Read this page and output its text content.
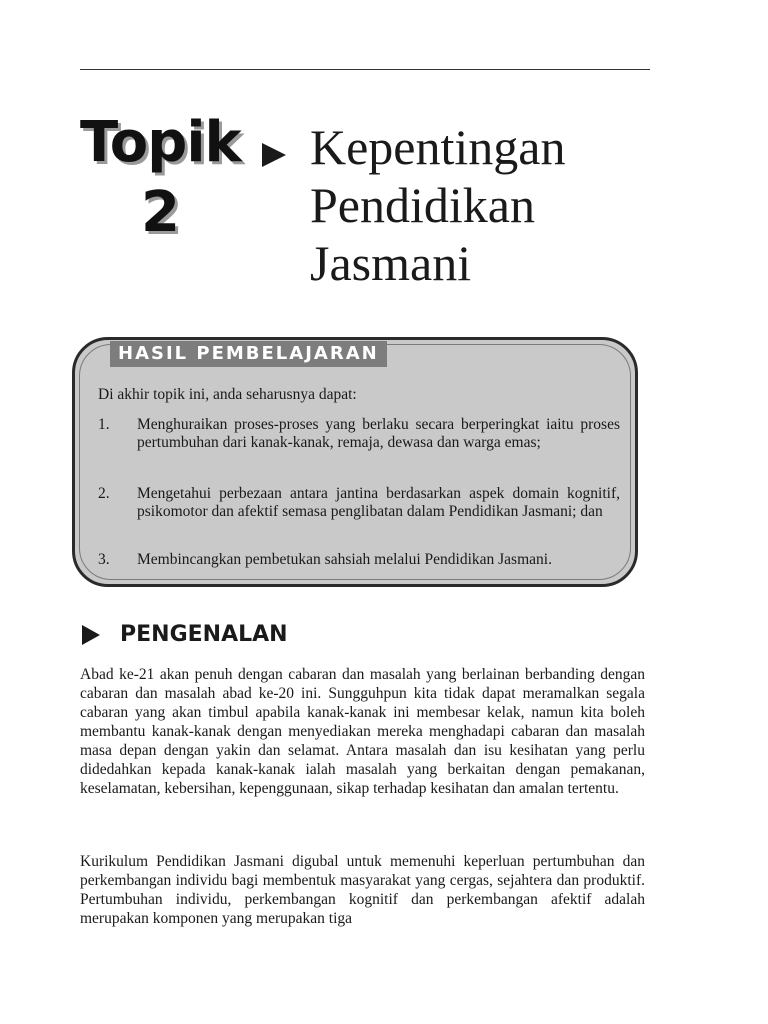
Topik
2
Kepentingan
Pendidikan
Jasmani
HASIL PEMBELAJARAN
Di akhir topik ini, anda seharusnya dapat:
1.	Menghuraikan proses-proses yang berlaku secara berperingkat iaitu proses pertumbuhan dari kanak-kanak, remaja, dewasa dan warga emas;
2.	Mengetahui perbezaan antara jantina berdasarkan aspek domain kognitif, psikomotor dan afektif semasa penglibatan dalam Pendidikan Jasmani; dan
3.	Membincangkan pembetukan sahsiah melalui Pendidikan Jasmani.
PENGENALAN
Abad ke-21 akan penuh dengan cabaran dan masalah yang berlainan berbanding dengan cabaran dan masalah abad ke-20 ini. Sungguhpun kita tidak dapat meramalkan segala cabaran yang akan timbul apabila kanak-kanak ini membesar kelak, namun kita boleh membantu kanak-kanak dengan menyediakan mereka menghadapi cabaran dan masalah masa depan dengan yakin dan selamat. Antara masalah dan isu kesihatan yang perlu didedahkan kepada kanak-kanak ialah masalah yang berkaitan dengan pemakanan, keselamatan, kebersihan, kepenggunaan, sikap terhadap kesihatan dan amalan tertentu.
Kurikulum Pendidikan Jasmani digubal untuk memenuhi keperluan pertumbuhan dan perkembangan individu bagi membentuk masyarakat yang cergas, sejahtera dan produktif. Pertumbuhan individu, perkembangan kognitif dan perkembangan afektif adalah merupakan komponen yang merupakan tiga
